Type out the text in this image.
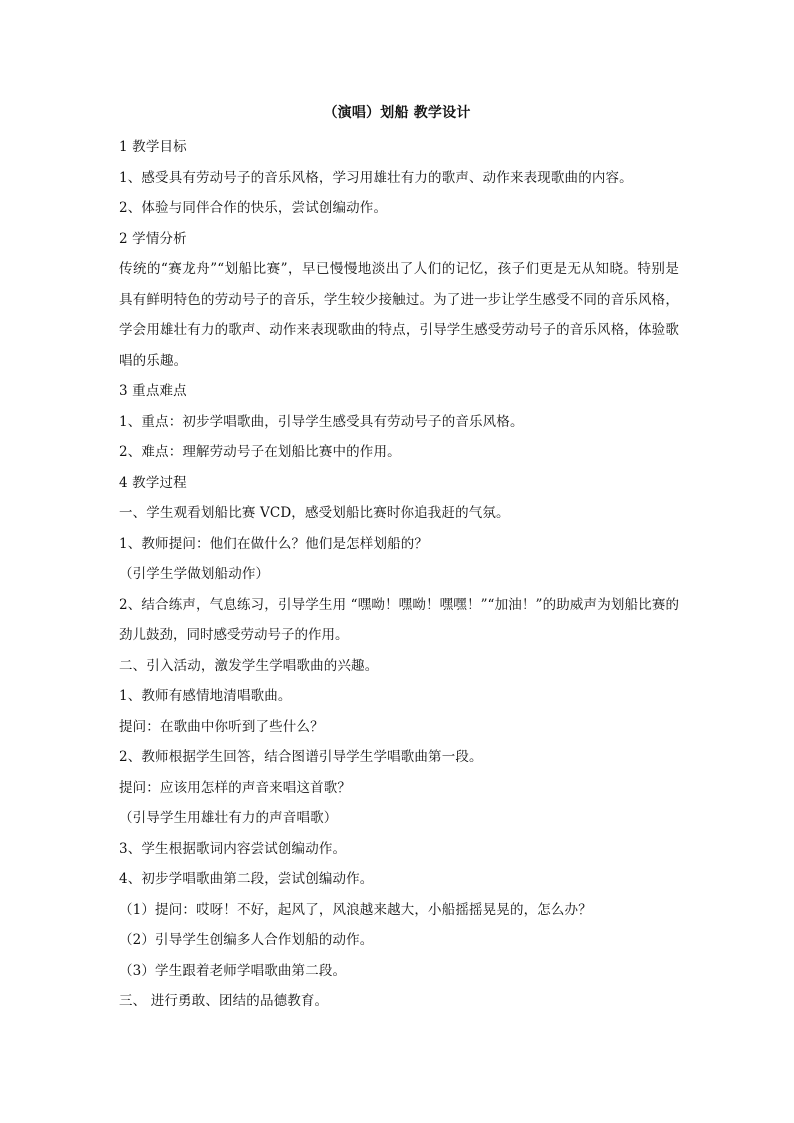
（演唱）划船 教学设计
1 教学目标
1、感受具有劳动号子的音乐风格，学习用雄壮有力的歌声、动作来表现歌曲的内容。
2、体验与同伴合作的快乐，尝试创编动作。
2 学情分析
传统的“赛龙舟”“划船比赛”，早已慢慢地淡出了人们的记忆，孩子们更是无从知晓。特别是具有鲜明特色的劳动号子的音乐，学生较少接触过。为了进一步让学生感受不同的音乐风格，学会用雄壮有力的歌声、动作来表现歌曲的特点，引导学生感受劳动号子的音乐风格，体验歌唱的乐趣。
3 重点难点
1、重点：初步学唱歌曲，引导学生感受具有劳动号子的音乐风格。
2、难点：理解劳动号子在划船比赛中的作用。
4 教学过程
一、学生观看划船比赛 VCD，感受划船比赛时你追我赶的气氛。
1、教师提问：他们在做什么？他们是怎样划船的？
（引学生学做划船动作）
2、结合练声，气息练习，引导学生用 “嘿呦！嘿呦！嘿嘿！”“加油！”的助威声为划船比赛的劲儿鼓劲，同时感受劳动号子的作用。
二、引入活动，激发学生学唱歌曲的兴趣。
1、教师有感情地清唱歌曲。
提问：在歌曲中你听到了些什么？
2、教师根据学生回答，结合图谱引导学生学唱歌曲第一段。
提问：应该用怎样的声音来唱这首歌？
（引导学生用雄壮有力的声音唱歌）
3、学生根据歌词内容尝试创编动作。
4、初步学唱歌曲第二段，尝试创编动作。
（1）提问：哎呀！不好，起风了，风浪越来越大，小船摇摇晃晃的，怎么办？
（2）引导学生创编多人合作划船的动作。
（3）学生跟着老师学唱歌曲第二段。
三、 进行勇敢、团结的品德教育。
